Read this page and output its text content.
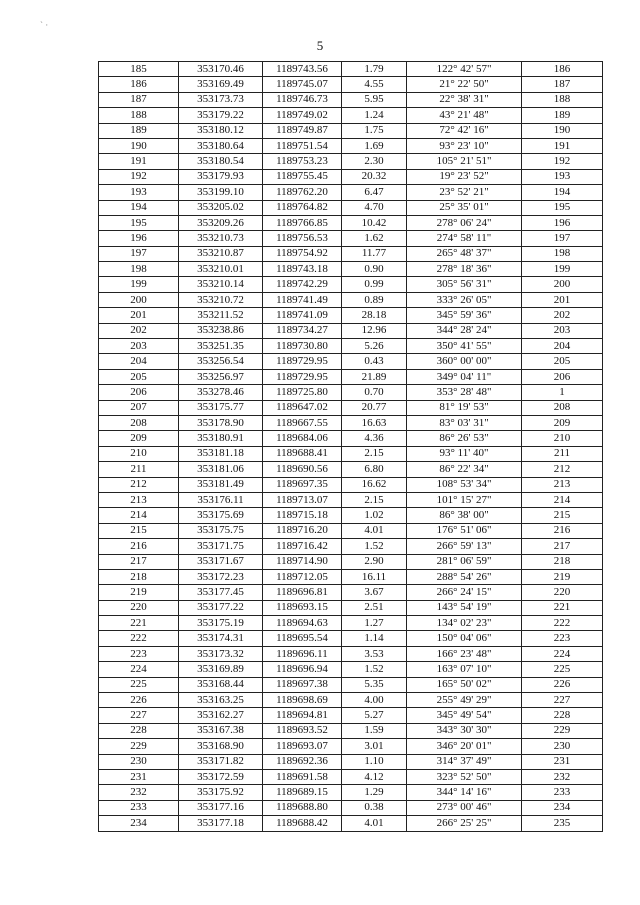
` ·
5
185	353170.46	1189743.56	1.79	122° 42' 57"	186
186	353169.49	1189745.07	4.55	21° 22' 50"	187
187	353173.73	1189746.73	5.95	22° 38' 31"	188
188	353179.22	1189749.02	1.24	43° 21' 48"	189
189	353180.12	1189749.87	1.75	72° 42' 16"	190
190	353180.64	1189751.54	1.69	93° 23' 10"	191
191	353180.54	1189753.23	2.30	105° 21' 51"	192
192	353179.93	1189755.45	20.32	19° 23' 52"	193
193	353199.10	1189762.20	6.47	23° 52' 21"	194
194	353205.02	1189764.82	4.70	25° 35' 01"	195
195	353209.26	1189766.85	10.42	278° 06' 24"	196
196	353210.73	1189756.53	1.62	274° 58' 11"	197
197	353210.87	1189754.92	11.77	265° 48' 37"	198
198	353210.01	1189743.18	0.90	278° 18' 36"	199
199	353210.14	1189742.29	0.99	305° 56' 31"	200
200	353210.72	1189741.49	0.89	333° 26' 05"	201
201	353211.52	1189741.09	28.18	345° 59' 36"	202
202	353238.86	1189734.27	12.96	344° 28' 24"	203
203	353251.35	1189730.80	5.26	350° 41' 55"	204
204	353256.54	1189729.95	0.43	360° 00' 00"	205
205	353256.97	1189729.95	21.89	349° 04' 11"	206
206	353278.46	1189725.80	0.70	353° 28' 48"	1
207	353175.77	1189647.02	20.77	81° 19' 53"	208
208	353178.90	1189667.55	16.63	83° 03' 31"	209
209	353180.91	1189684.06	4.36	86° 26' 53"	210
210	353181.18	1189688.41	2.15	93° 11' 40"	211
211	353181.06	1189690.56	6.80	86° 22' 34"	212
212	353181.49	1189697.35	16.62	108° 53' 34"	213
213	353176.11	1189713.07	2.15	101° 15' 27"	214
214	353175.69	1189715.18	1.02	86° 38' 00"	215
215	353175.75	1189716.20	4.01	176° 51' 06"	216
216	353171.75	1189716.42	1.52	266° 59' 13"	217
217	353171.67	1189714.90	2.90	281° 06' 59"	218
218	353172.23	1189712.05	16.11	288° 54' 26"	219
219	353177.45	1189696.81	3.67	266° 24' 15"	220
220	353177.22	1189693.15	2.51	143° 54' 19"	221
221	353175.19	1189694.63	1.27	134° 02' 23"	222
222	353174.31	1189695.54	1.14	150° 04' 06"	223
223	353173.32	1189696.11	3.53	166° 23' 48"	224
224	353169.89	1189696.94	1.52	163° 07' 10"	225
225	353168.44	1189697.38	5.35	165° 50' 02"	226
226	353163.25	1189698.69	4.00	255° 49' 29"	227
227	353162.27	1189694.81	5.27	345° 49' 54"	228
228	353167.38	1189693.52	1.59	343° 30' 30"	229
229	353168.90	1189693.07	3.01	346° 20' 01"	230
230	353171.82	1189692.36	1.10	314° 37' 49"	231
231	353172.59	1189691.58	4.12	323° 52' 50"	232
232	353175.92	1189689.15	1.29	344° 14' 16"	233
233	353177.16	1189688.80	0.38	273° 00' 46"	234
234	353177.18	1189688.42	4.01	266° 25' 25"	235
